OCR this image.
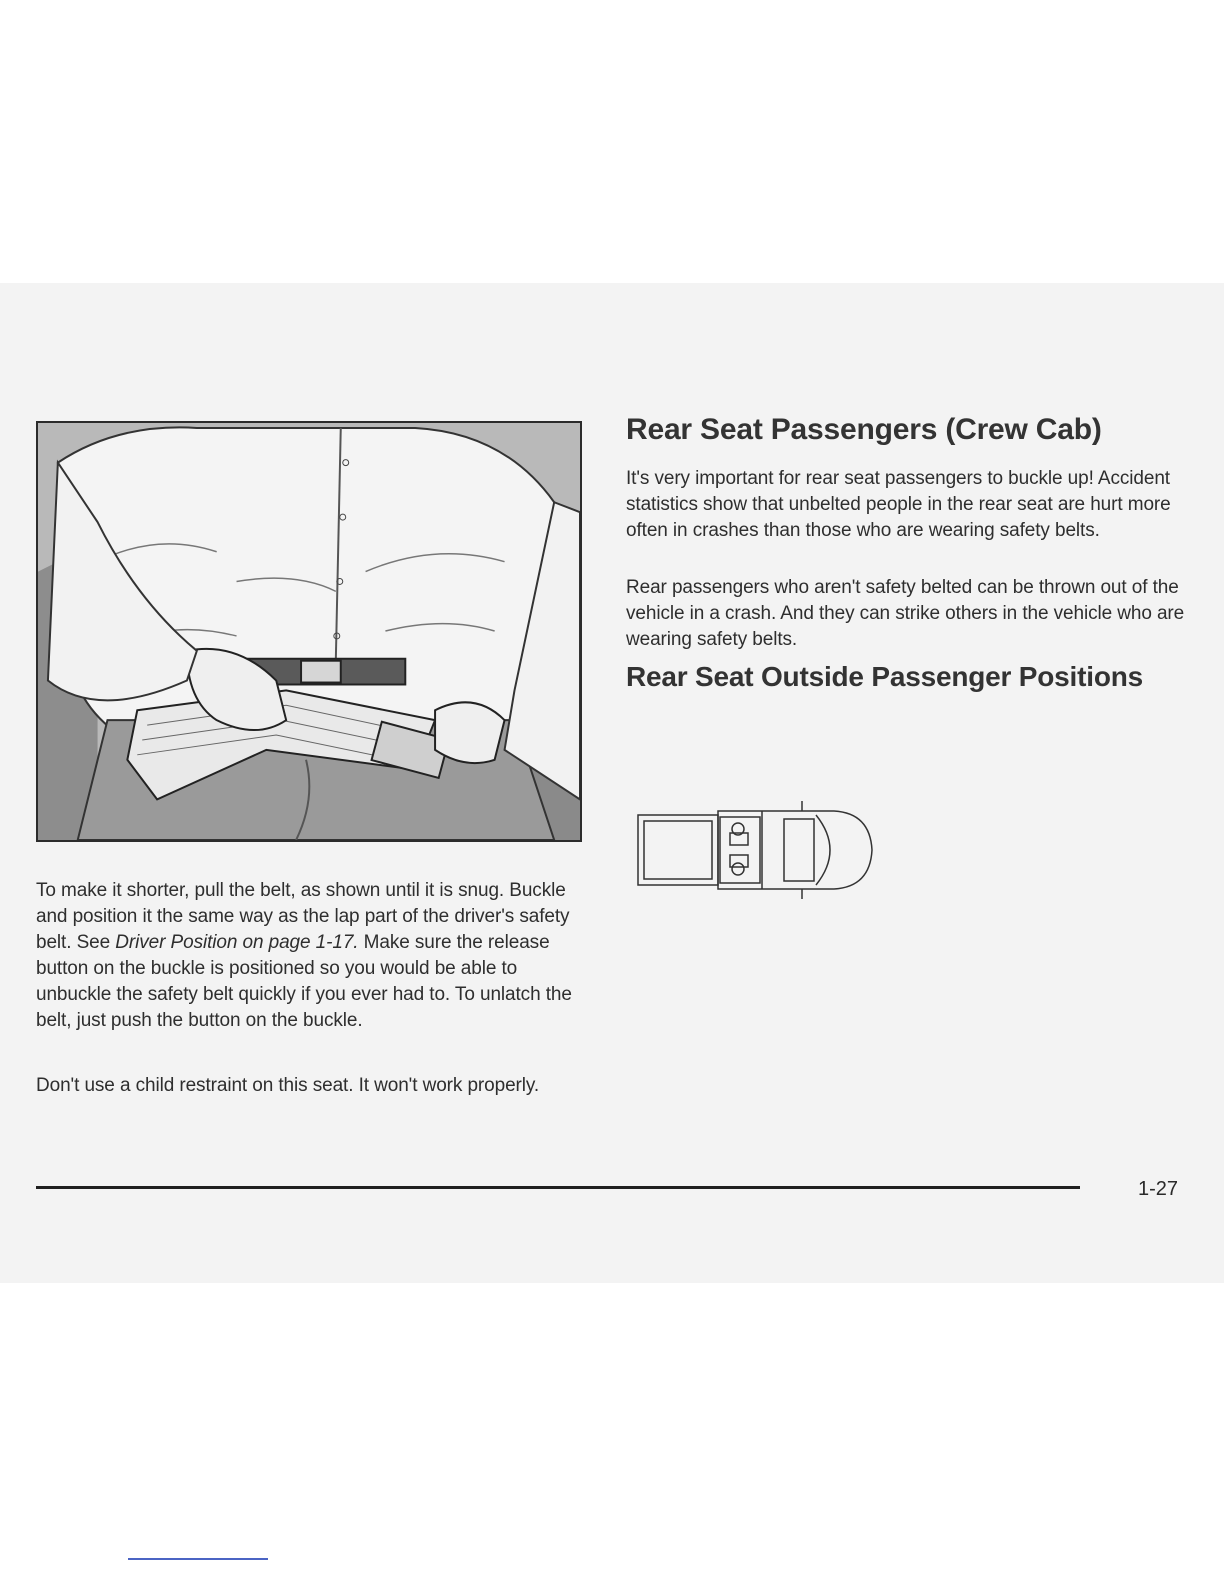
To make it shorter, pull the belt, as shown until it is snug. Buckle and position it the same way as the lap part of the driver's safety belt. See Driver Position on page 1-17. Make sure the release button on the buckle is positioned so you would be able to unbuckle the safety belt quickly if you ever had to. To unlatch the belt, just push the button on the buckle.

Don't use a child restraint on this seat. It won't work properly.

Rear Seat Passengers (Crew Cab)

It's very important for rear seat passengers to buckle up! Accident statistics show that unbelted people in the rear seat are hurt more often in crashes than those who are wearing safety belts.

Rear passengers who aren't safety belted can be thrown out of the vehicle in a crash. And they can strike others in the vehicle who are wearing safety belts.

Rear Seat Outside Passenger Positions
1-27
